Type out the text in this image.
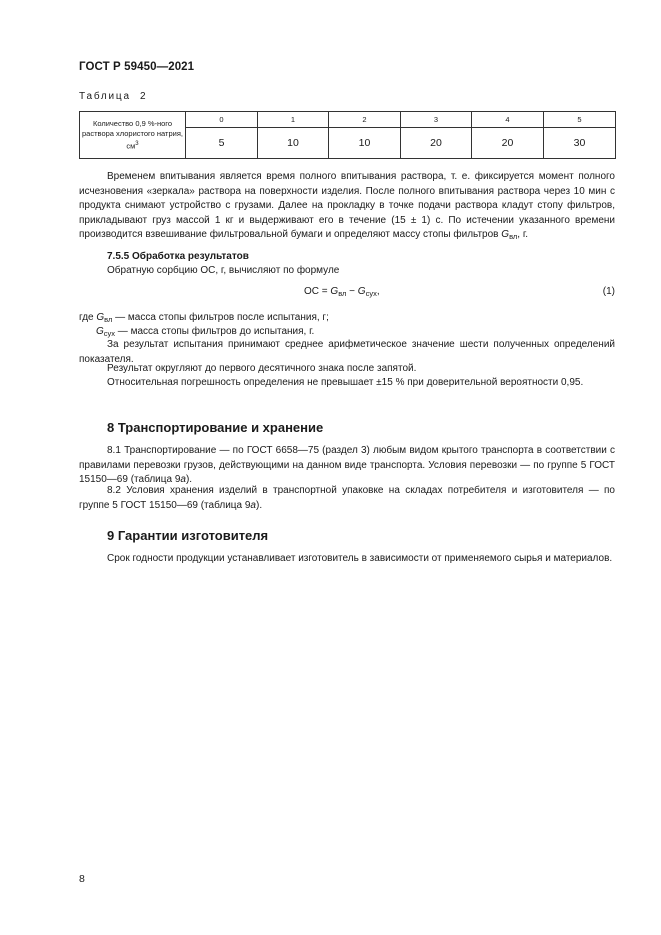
ГОСТ Р 59450—2021
Таблица 2
Количество 0,9 %-ного раствора хлористого натрия, $см^3$	0	1	2	3	4	5
	5	10	10	20	20	30
Временем впитывания является время полного впитывания раствора, т. е. фиксируется момент полного исчезновения «зеркала» раствора на поверхности изделия. После полного впитывания раствора через 10 мин с продукта снимают устройство с грузами. Далее на прокладку в точке подачи раствора кладут стопу фильтров, прикладывают груз массой 1 кг и выдерживают его в течение (15 ± 1) с. По истечении указанного времени производится взвешивание фильтровальной бумаги и определяют массу стопы фильтров $G_{вл}$, г.
7.5.5 Обработка результатов
Обратную сорбцию ОС, г, вычисляют по формуле
ОС = $G_{вл} - G_{сух}$,	(1)
где $G_{вл}$ — масса стопы фильтров после испытания, г;
$G_{сух}$ — масса стопы фильтров до испытания, г.
За результат испытания принимают среднее арифметическое значение шести полученных определений показателя.
Результат округляют до первого десятичного знака после запятой.
Относительная погрешность определения не превышает ±15 % при доверительной вероятности 0,95.
8 Транспортирование и хранение
8.1 Транспортирование — по ГОСТ 6658—75 (раздел 3) любым видом крытого транспорта в соответствии с правилами перевозки грузов, действующими на данном виде транспорта. Условия перевозки — по группе 5 ГОСТ 15150—69 (таблица 9а).
8.2 Условия хранения изделий в транспортной упаковке на складах потребителя и изготовителя — по группе 5 ГОСТ 15150—69 (таблица 9а).
9 Гарантии изготовителя
Срок годности продукции устанавливает изготовитель в зависимости от применяемого сырья и материалов.
8
